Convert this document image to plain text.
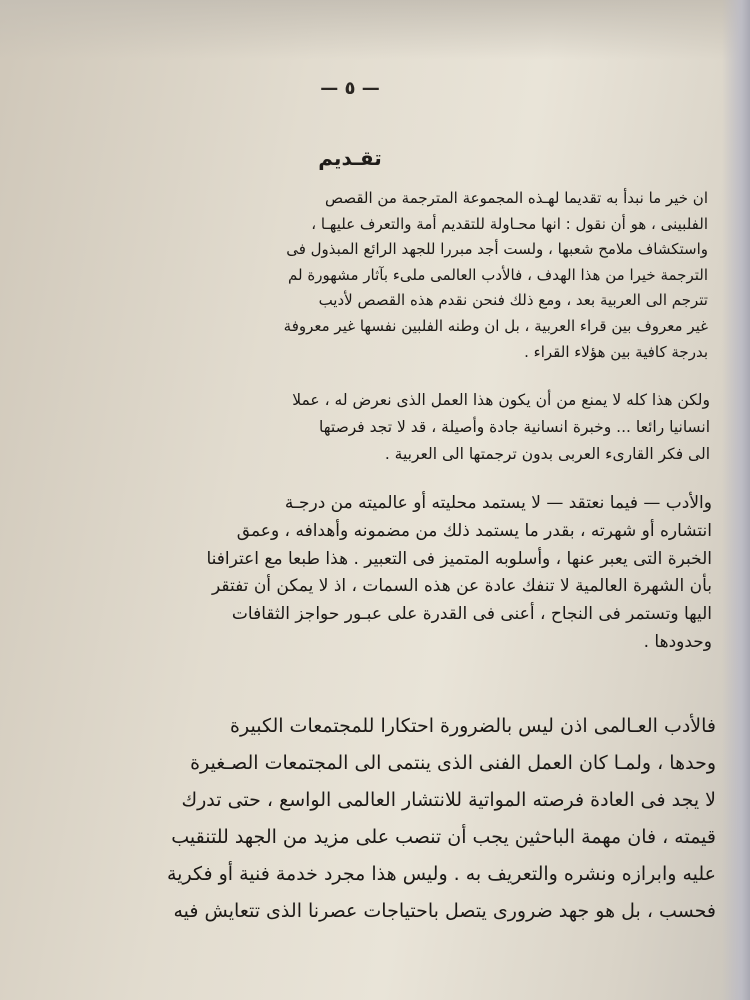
— ٥ —
تقـديم
ان خير ما نبدأ به تقديما لهـذه المجموعة المترجمة من القصص
الفلبينى ، هو أن نقول : انها محـاولة للتقديم أمة والتعرف عليهـا ،
واستكشاف ملامح شعبها ، ولست أجد مبررا للجهد الرائع المبذول فى
الترجمة خيرا من هذا الهدف ، فالأدب العالمى ملىء بآثار مشهورة لم
تترجم الى العربية بعد ، ومع ذلك فنحن نقدم هذه القصص لأديب
غير معروف بين قراء العربية ، بل ان وطنه الفلبين نفسها غير معروفة
بدرجة كافية بين هؤلاء القراء .
ولكن هذا كله لا يمنع من أن يكون هذا العمل الذى نعرض له ، عملا
انسانيا رائعا ... وخبرة انسانية جادة وأصيلة ، قد لا تجد فرصتها
الى فكر القارىء العربى بدون ترجمتها الى العربية .
والأدب — فيما نعتقد — لا يستمد محليته أو عالميته من درجـة
انتشاره أو شهرته ، بقدر ما يستمد ذلك من مضمونه وأهدافه ، وعمق
الخبرة التى يعبر عنها ، وأسلوبه المتميز فى التعبير . هذا طبعا مع اعترافنا
بأن الشهرة العالمية لا تنفك عادة عن هذه السمات ، اذ لا يمكن أن تفتقر
اليها وتستمر فى النجاح ، أعنى فى القدرة على عبـور حواجز الثقافات
وحدودها .
فالأدب العـالمى اذن ليس بالضرورة احتكارا للمجتمعات الكبيرة
وحدها ، ولمـا كان العمل الفنى الذى ينتمى الى المجتمعات الصـغيرة
لا يجد فى العادة فرصته المواتية للانتشار العالمى الواسع ، حتى تدرك
قيمته ، فان مهمة الباحثين يجب أن تنصب على مزيد من الجهد للتنقيب
عليه وابرازه ونشره والتعريف به . وليس هذا مجرد خدمة فنية أو فكرية
فحسب ، بل هو جهد ضرورى يتصل باحتياجات عصرنا الذى تتعايش فيه
